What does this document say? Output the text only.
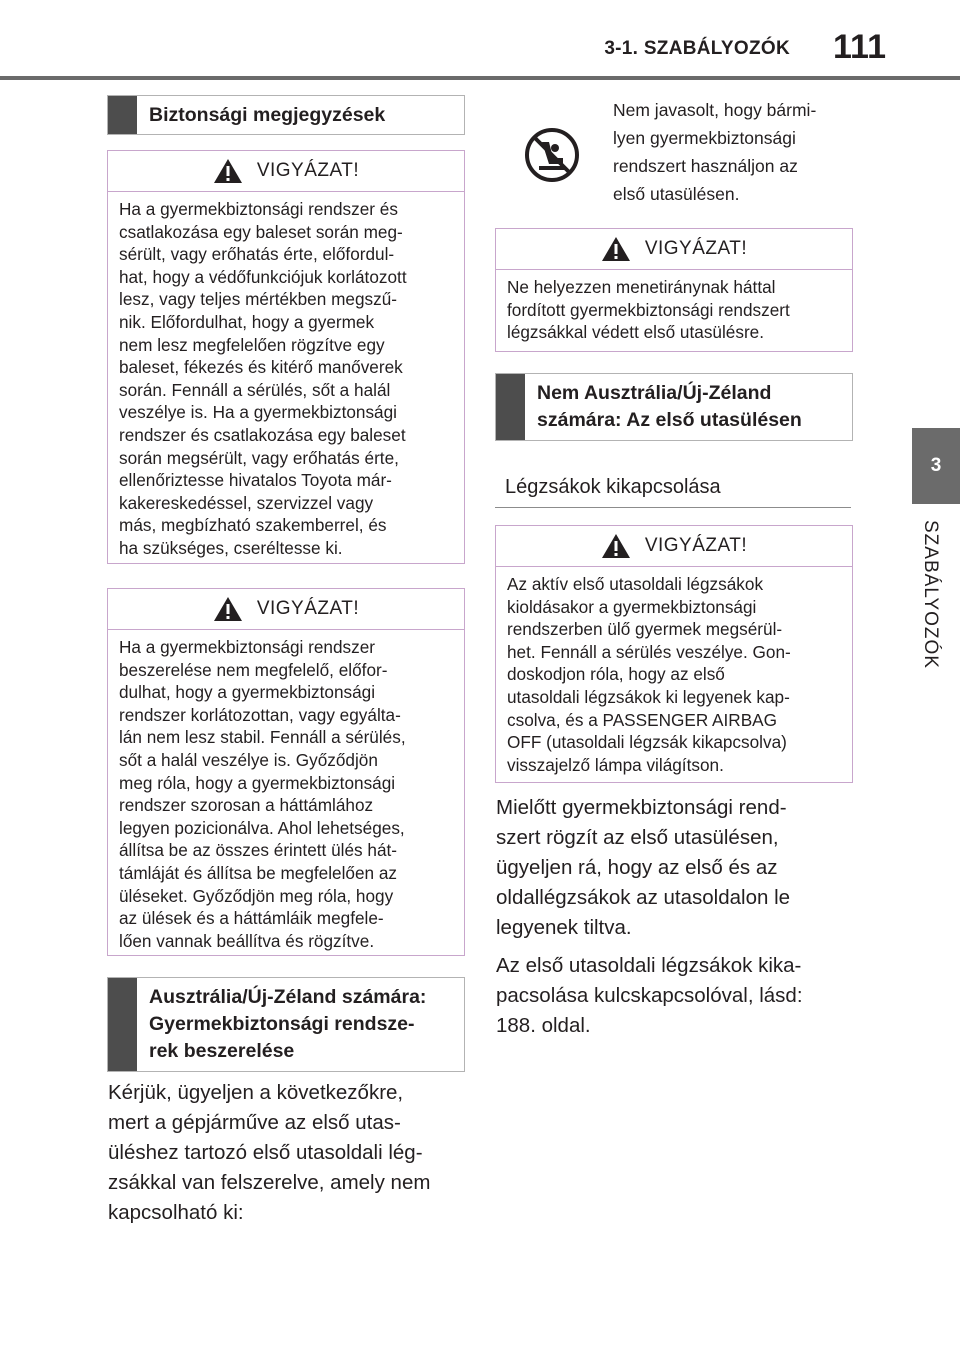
3-1. SZABÁLYOZÓK	111
3
SZABÁLYOZÓK
Biztonsági megjegyzések
VIGYÁZAT!
Ha a gyermekbiztonsági rendszer és
csatlakozása egy baleset során meg-
sérült, vagy erőhatás érte, előfordul-
hat, hogy a védőfunkciójuk korlátozott
lesz, vagy teljes mértékben megszű-
nik. Előfordulhat, hogy a gyermek
nem lesz megfelelően rögzítve egy
baleset, fékezés és kitérő manőverek
során. Fennáll a sérülés, sőt a halál
veszélye is. Ha a gyermekbiztonsági
rendszer és csatlakozása egy baleset
során megsérült, vagy erőhatás érte,
ellenőriztesse hivatalos Toyota már-
kakereskedéssel, szervizzel vagy
más, megbízható szakemberrel, és
ha szükséges, cseréltesse ki.
VIGYÁZAT!
Ha a gyermekbiztonsági rendszer
beszerelése nem megfelelő, előfor-
dulhat, hogy a gyermekbiztonsági
rendszer korlátozottan, vagy egyálta-
lán nem lesz stabil. Fennáll a sérülés,
sőt a halál veszélye is. Győződjön
meg róla, hogy a gyermekbiztonsági
rendszer szorosan a háttámlához
legyen pozicionálva. Ahol lehetséges,
állítsa be az összes érintett ülés hát-
támláját és állítsa be megfelelően az
üléseket. Győződjön meg róla, hogy
az ülések és a háttámláik megfele-
lően vannak beállítva és rögzítve.
Ausztrália/Új-Zéland számára:
Gyermekbiztonsági rendsze-
rek beszerelése
Kérjük, ügyeljen a következőkre,
mert a gépjárműve az első utas-
üléshez tartozó első utasoldali lég-
zsákkal van felszerelve, amely nem
kapcsolható ki:
Nem javasolt, hogy bármi-
lyen gyermekbiztonsági
rendszert használjon az
első utasülésen.
VIGYÁZAT!
Ne helyezzen menetiránynak háttal
fordított gyermekbiztonsági rendszert
légzsákkal védett első utasülésre.
Nem Ausztrália/Új-Zéland
számára: Az első utasülésen
Légzsákok kikapcsolása
VIGYÁZAT!
Az aktív első utasoldali légzsákok
kioldásakor a gyermekbiztonsági
rendszerben ülő gyermek megsérül-
het. Fennáll a sérülés veszélye. Gon-
doskodjon róla, hogy az első
utasoldali légzsákok ki legyenek kap-
csolva, és a PASSENGER AIRBAG
OFF (utasoldali légzsák kikapcsolva)
visszajelző lámpa világítson.
Mielőtt gyermekbiztonsági rend-
szert rögzít az első utasülésen,
ügyeljen rá, hogy az első és az
oldallégzsákok az utasoldalon le
legyenek tiltva.
Az első utasoldali légzsákok kika-
pacsolása kulcskapcsolóval, lásd:
188. oldal.
